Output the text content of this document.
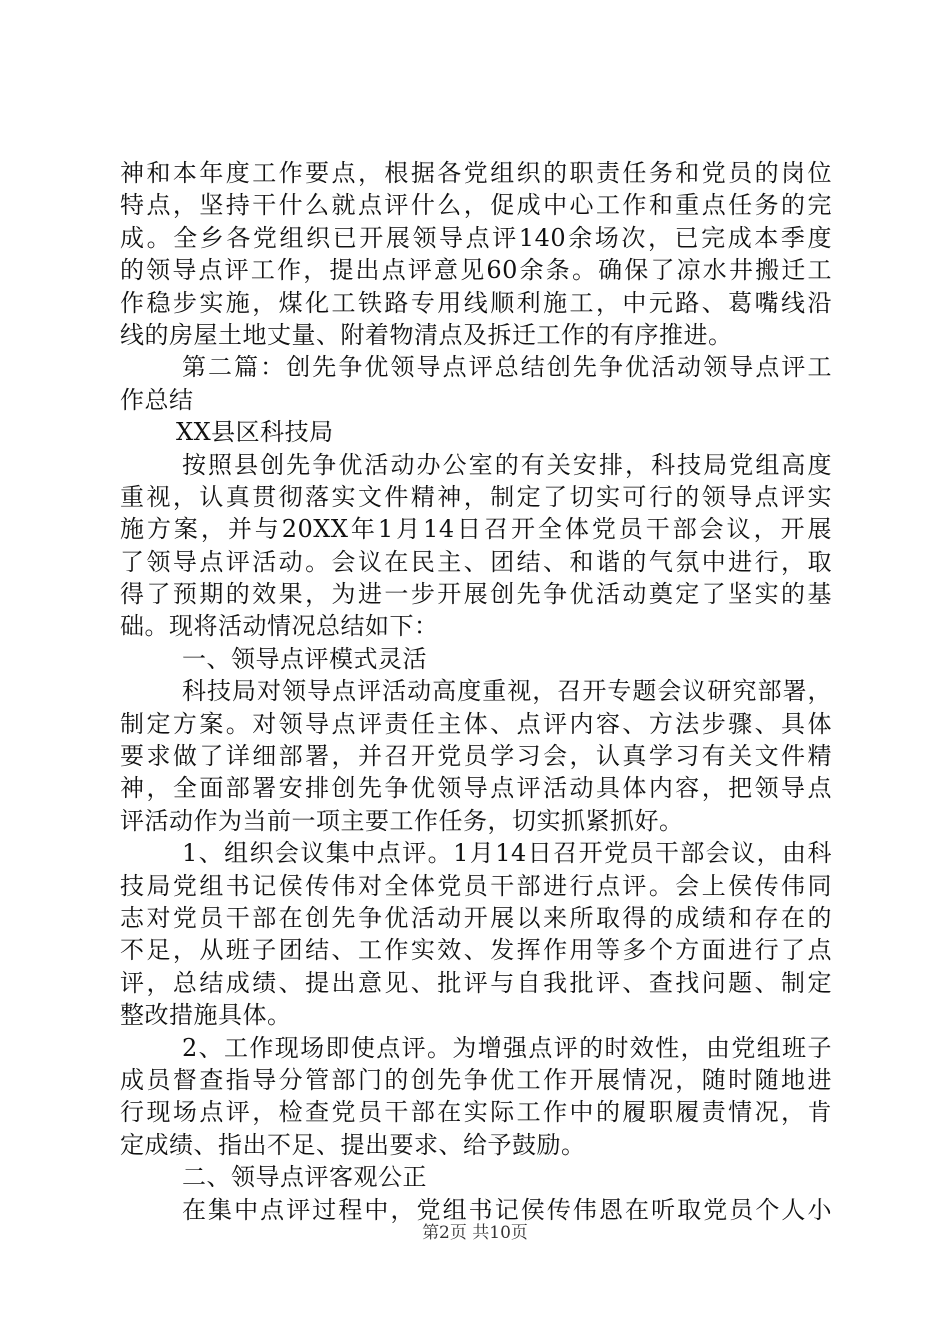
神和本年度工作要点，根据各党组织的职责任务和党员的岗位
特点，坚持干什么就点评什么，促成中心工作和重点任务的完
成。全乡各党组织已开展领导点评140余场次，已完成本季度
的领导点评工作，提出点评意见60余条。确保了凉水井搬迁工
作稳步实施，煤化工铁路专用线顺利施工，中元路、葛嘴线沿
线的房屋土地丈量、附着物清点及拆迁工作的有序推进。
第二篇：创先争优领导点评总结创先争优活动领导点评工
作总结
XX县区科技局
按照县创先争优活动办公室的有关安排，科技局党组高度
重视，认真贯彻落实文件精神，制定了切实可行的领导点评实
施方案，并与20XX年1月14日召开全体党员干部会议，开展
了领导点评活动。会议在民主、团结、和谐的气氛中进行，取
得了预期的效果，为进一步开展创先争优活动奠定了坚实的基
础。现将活动情况总结如下：
一、领导点评模式灵活
科技局对领导点评活动高度重视，召开专题会议研究部署，
制定方案。对领导点评责任主体、点评内容、方法步骤、具体
要求做了详细部署，并召开党员学习会，认真学习有关文件精
神，全面部署安排创先争优领导点评活动具体内容，把领导点
评活动作为当前一项主要工作任务，切实抓紧抓好。
1、组织会议集中点评。1月14日召开党员干部会议，由科
技局党组书记侯传伟对全体党员干部进行点评。会上侯传伟同
志对党员干部在创先争优活动开展以来所取得的成绩和存在的
不足，从班子团结、工作实效、发挥作用等多个方面进行了点
评，总结成绩、提出意见、批评与自我批评、查找问题、制定
整改措施具体。
2、工作现场即使点评。为增强点评的时效性，由党组班子
成员督查指导分管部门的创先争优工作开展情况，随时随地进
行现场点评，检查党员干部在实际工作中的履职履责情况，肯
定成绩、指出不足、提出要求、给予鼓励。
二、领导点评客观公正
在集中点评过程中，党组书记侯传伟恩在听取党员个人小
第2页 共10页
